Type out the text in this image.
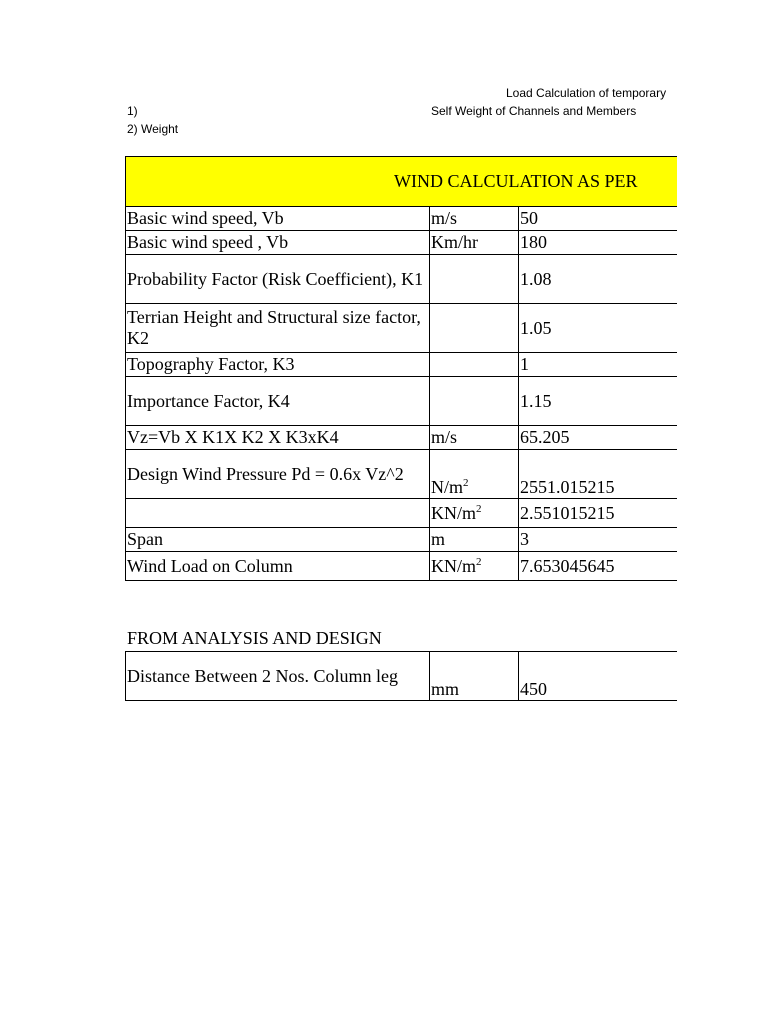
Load Calculation of temporary
1)	Self Weight of Channels and Members
2) Weight
WIND CALCULATION AS PER		
Basic wind speed, Vb	m/s	50
Basic wind speed , Vb	Km/hr	180
Probability Factor (Risk Coefficient), K1		1.08
Terrian Height and Structural size factor, K2		1.05
Topography Factor, K3		1
Importance Factor, K4		1.15
Vz=Vb X K1X K2 X K3xK4	m/s	65.205
Design Wind Pressure Pd = 0.6x Vz^2	$N/m^2$	2551.015215
	$KN/m^2$	2.551015215
Span	m	3
Wind Load on Column	$KN/m^2$	7.653045645
FROM ANALYSIS AND DESIGN
Distance Between 2 Nos. Column leg	mm	450
